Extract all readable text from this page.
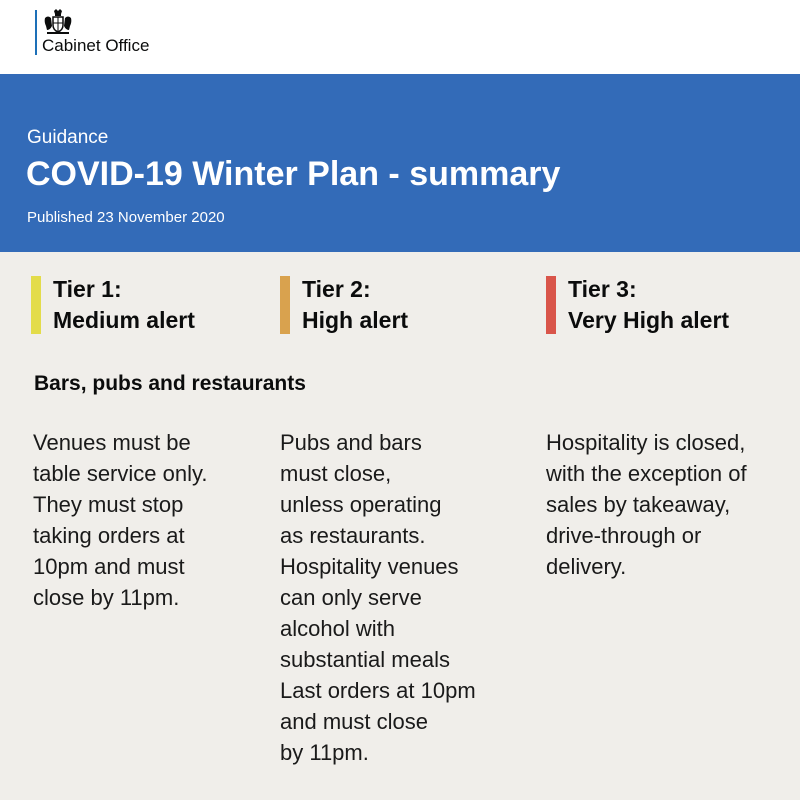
Cabinet Office
Guidance
COVID-19 Winter Plan - summary
Published 23 November 2020
Tier 1:
Medium alert
Tier 2:
High alert
Tier 3:
Very High alert
Bars, pubs and restaurants
Venues must be
table service only.
They must stop
taking orders at
10pm and must
close by 11pm.
Pubs and bars
must close,
unless operating
as restaurants.
Hospitality venues
can only serve
alcohol with
substantial meals
Last orders at 10pm
and must close
by 11pm.
Hospitality is closed,
with the exception of
sales by takeaway,
drive-through or
delivery.
